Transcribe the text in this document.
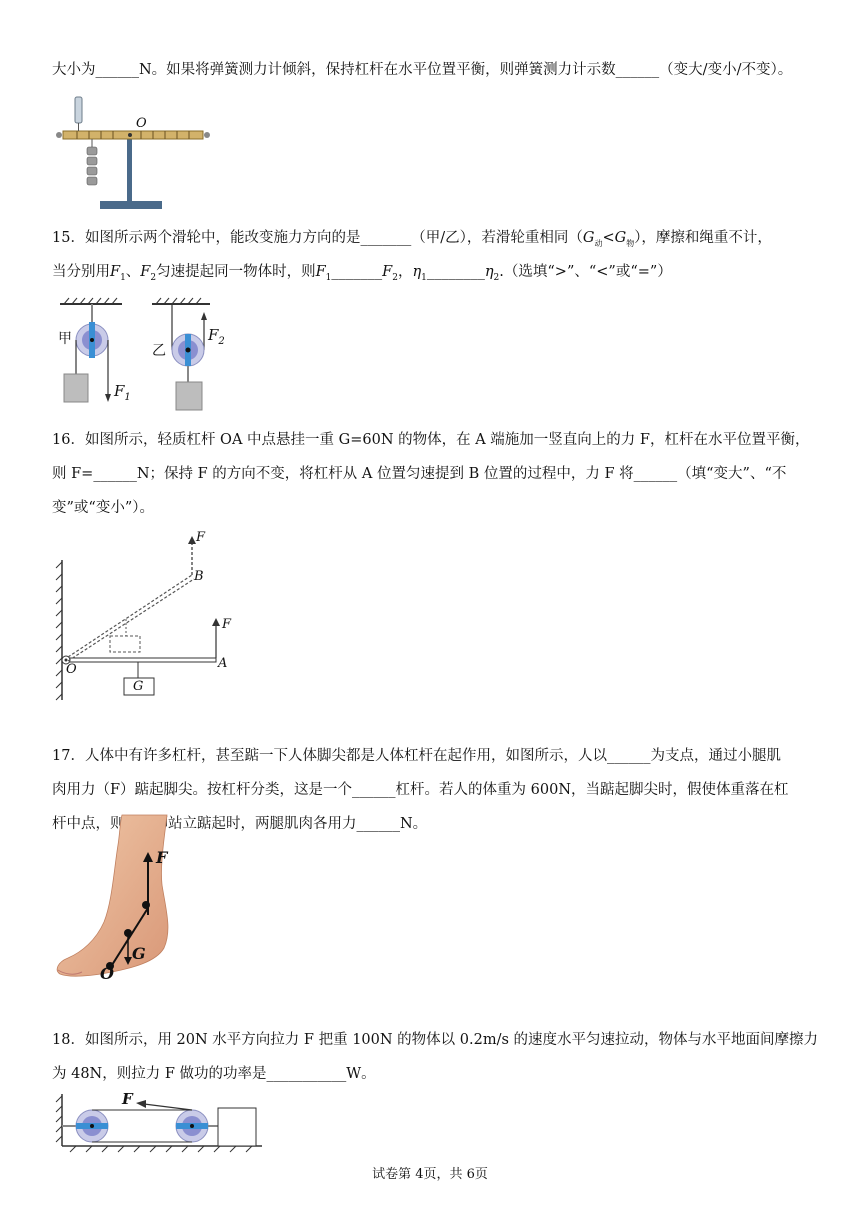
大小为______N。如果将弹簧测力计倾斜，保持杠杆在水平位置平衡，则弹簧测力计示数______（变大/变小/不变）。
O
15．如图所示两个滑轮中，能改变施力方向的是_______（甲/乙），若滑轮重相同$(G_动<G_物)$，摩擦和绳重不计，
当分别用$F_1$、$F_2$匀速提起同一物体时，则$F_1\_\_\_\_\_\_\_F_2$，$\eta_1\_\_\_\_\_\_\_\_\eta_2$.（选填“>”、“<”或“=”）
甲
乙
$F_1$
$F_2$
16．如图所示，轻质杠杆 OA 中点悬挂一重 G=60N 的物体，在 A 端施加一竖直向上的力 F，杠杆在水平位置平衡，
则 F=______N；保持 F 的方向不变，将杠杆从 A 位置匀速提到 B 位置的过程中，力 F 将______（填“变大”、“不
变”或“变小”）。
F
B
F
O	A
G
17．人体中有许多杠杆，甚至踮一下人体脚尖都是人体杠杆在起作用，如图所示，人以______为支点，通过小腿肌
肉用力（F）踮起脚尖。按杠杆分类，这是一个______杠杆。若人的体重为 600N，当踮起脚尖时，假使体重落在杠
杆中点，则人双脚站立踮起时，两腿肌肉各用力______N。
F
G
O
18．如图所示，用 20N 水平方向拉力 F 把重 100N 的物体以 0.2m/s 的速度水平匀速拉动，物体与水平地面间摩擦力
为 48N，则拉力 F 做功的功率是___________W。
F
试卷第 4页，共 6页
